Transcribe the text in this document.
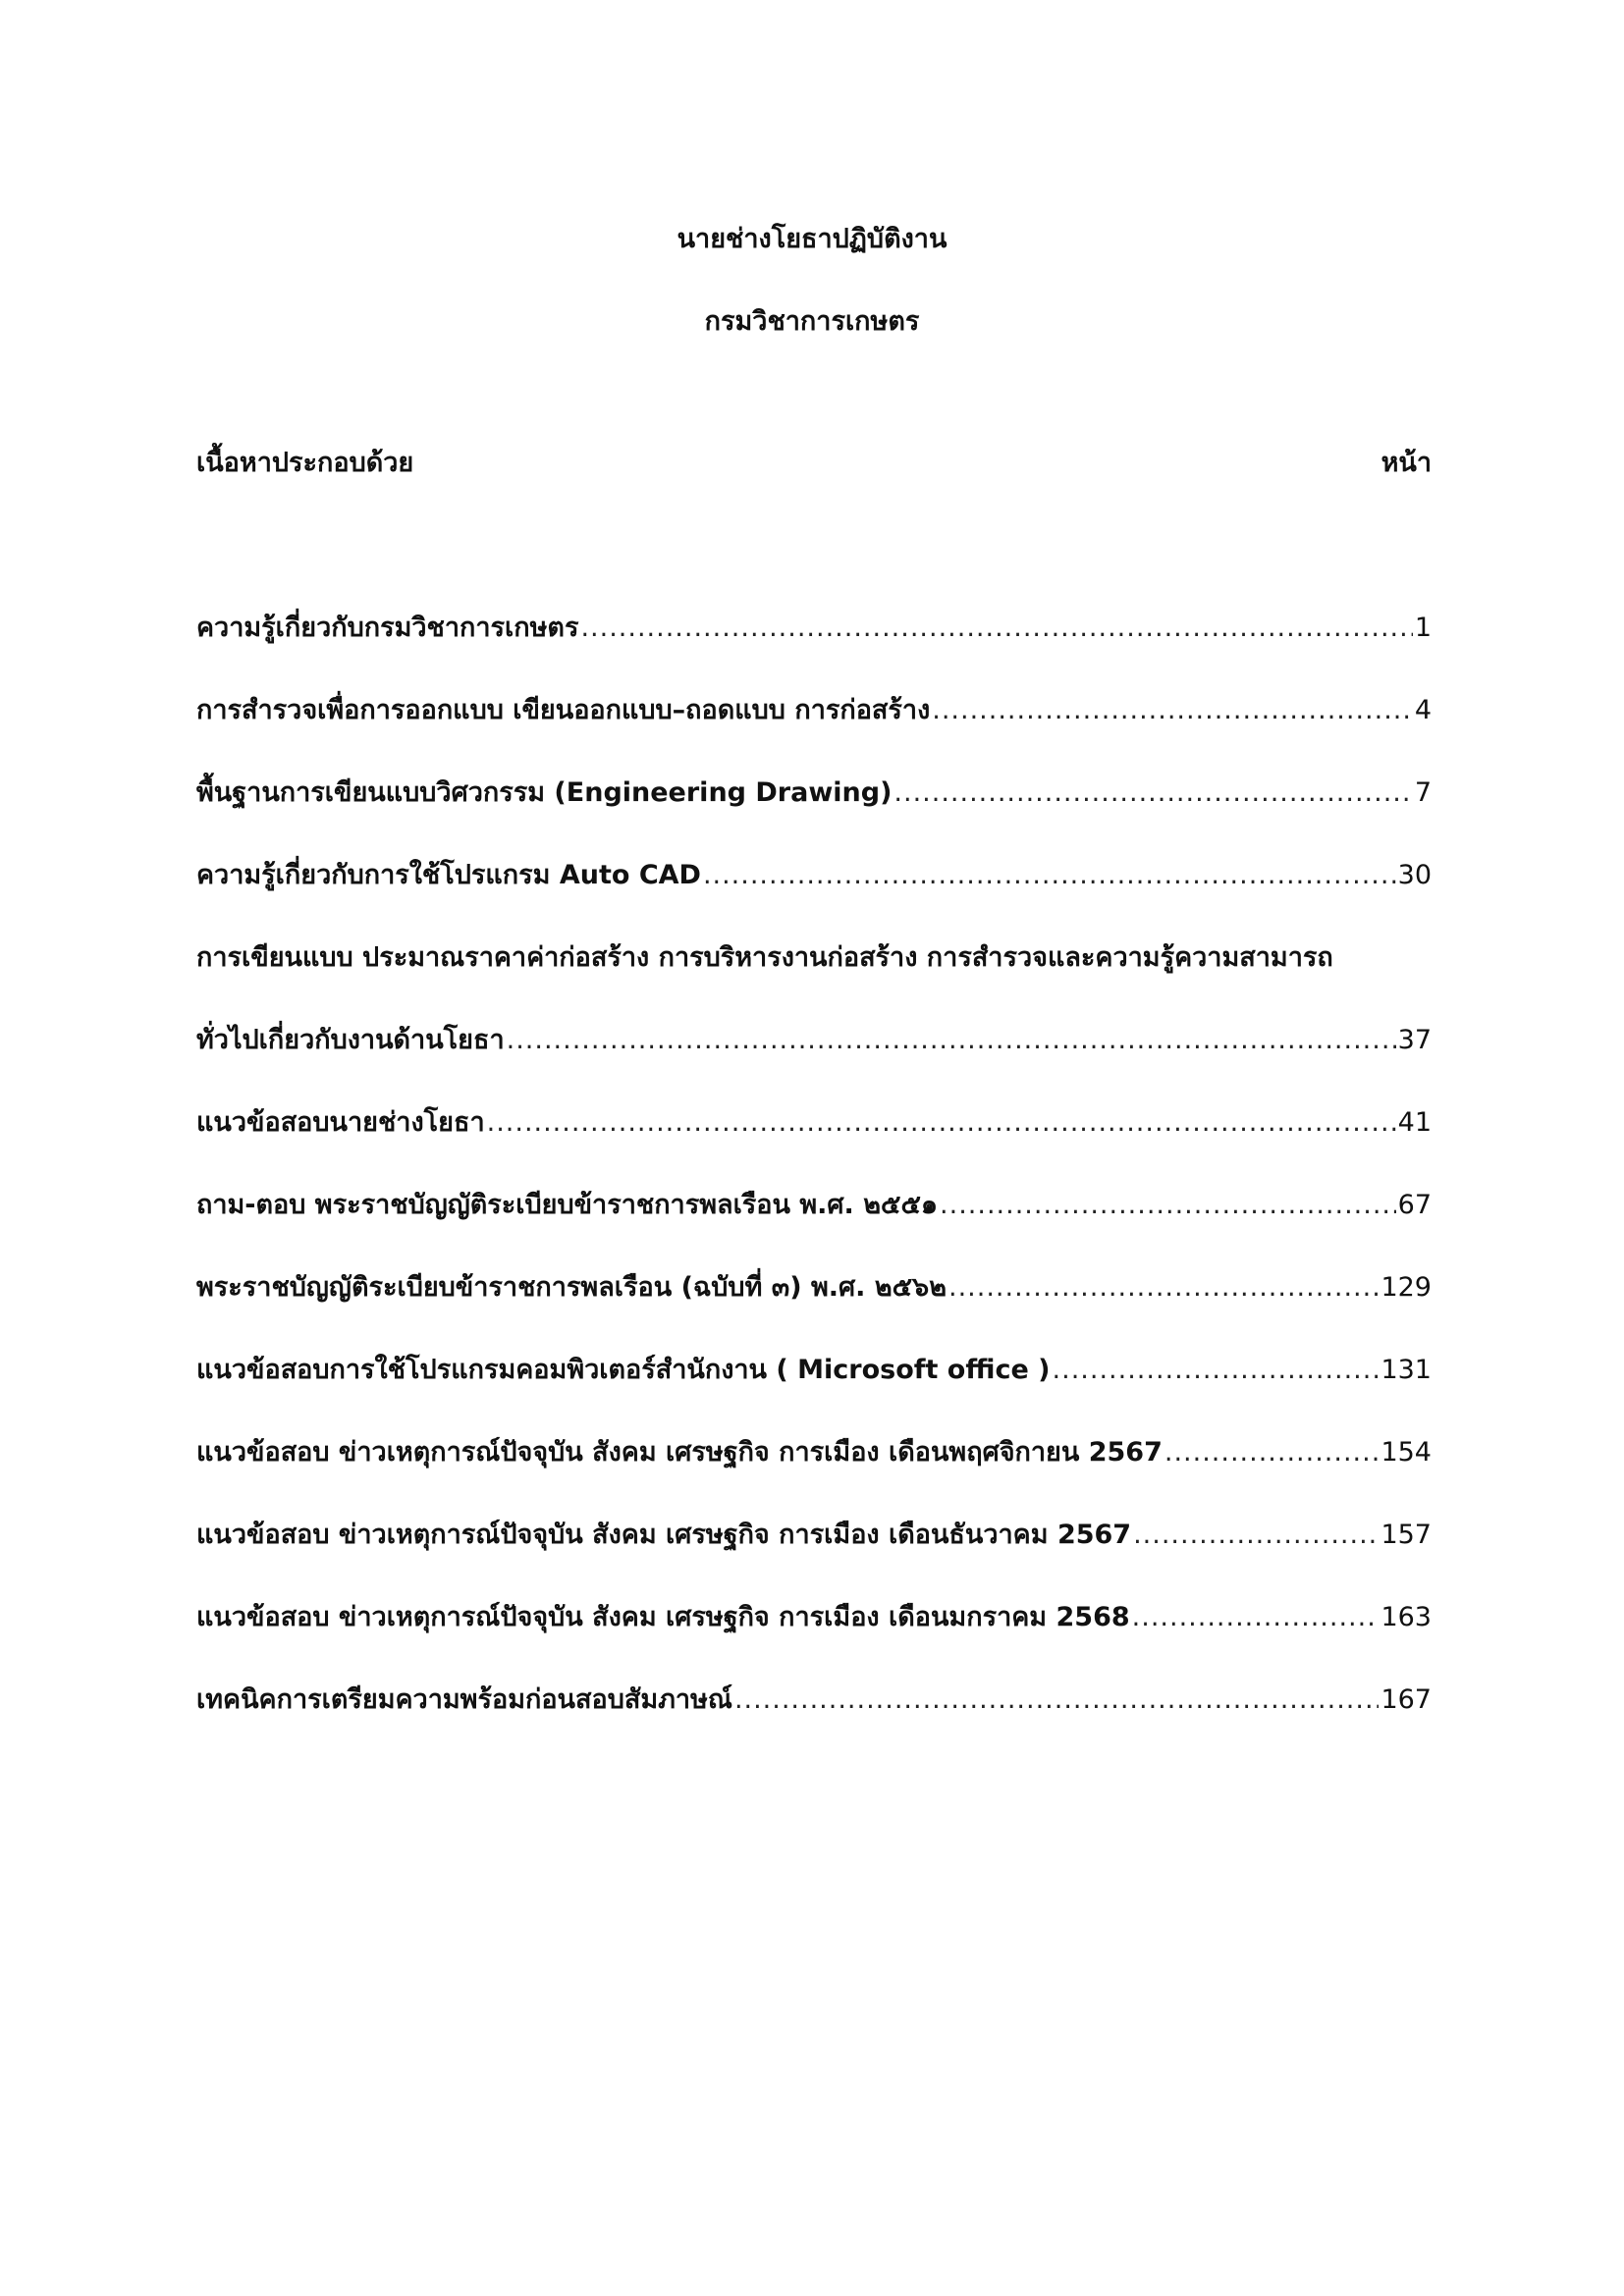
นายช่างโยธาปฏิบัติงาน
กรมวิชาการเกษตร
เนื้อหาประกอบด้วย	หน้า
ความรู้เกี่ยวกับกรมวิชาการเกษตร .....	1
การสำรวจเพื่อการออกแบบ เขียนออกแบบ–ถอดแบบ การก่อสร้าง .....	4
พื้นฐานการเขียนแบบวิศวกรรม (Engineering Drawing) .....	7
ความรู้เกี่ยวกับการใช้โปรแกรม Auto CAD .....	30
การเขียนแบบ ประมาณราคาค่าก่อสร้าง การบริหารงานก่อสร้าง การสำรวจและความรู้ความสามารถ
ทั่วไปเกี่ยวกับงานด้านโยธา .....	37
แนวข้อสอบนายช่างโยธา .....	41
ถาม-ตอบ พระราชบัญญัติระเบียบข้าราชการพลเรือน พ.ศ. ๒๕๕๑ .....	67
พระราชบัญญัติระเบียบข้าราชการพลเรือน (ฉบับที่ ๓) พ.ศ. ๒๕๖๒ .....	129
แนวข้อสอบการใช้โปรแกรมคอมพิวเตอร์สำนักงาน ( Microsoft office ) .....	131
แนวข้อสอบ ข่าวเหตุการณ์ปัจจุบัน สังคม เศรษฐกิจ การเมือง เดือนพฤศจิกายน 2567 .....	154
แนวข้อสอบ ข่าวเหตุการณ์ปัจจุบัน สังคม เศรษฐกิจ การเมือง เดือนธันวาคม 2567 .....	157
แนวข้อสอบ ข่าวเหตุการณ์ปัจจุบัน สังคม เศรษฐกิจ การเมือง เดือนมกราคม 2568 .....	163
เทคนิคการเตรียมความพร้อมก่อนสอบสัมภาษณ์ .....	167
